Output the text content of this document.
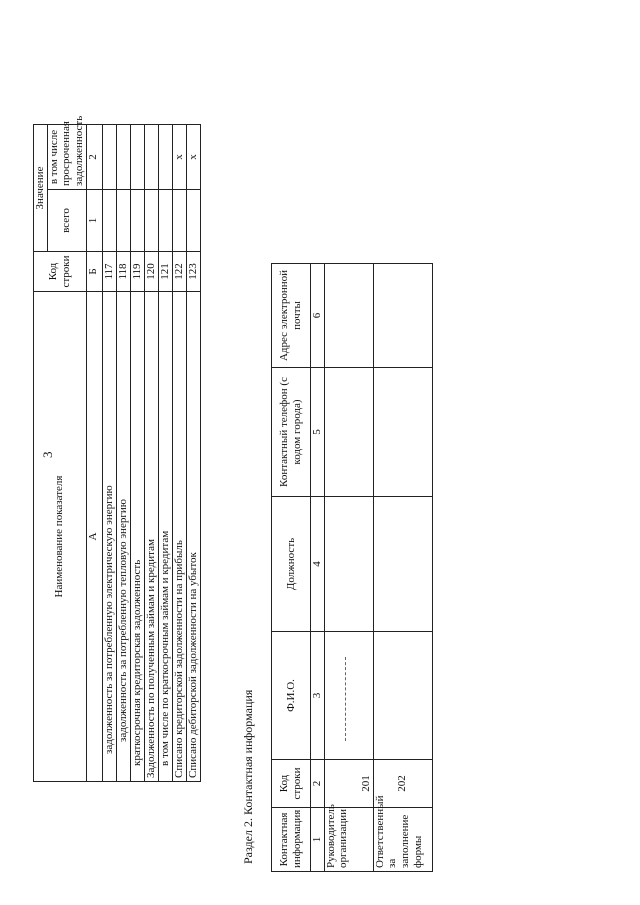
3
Наименование показателя	Код строки	Значение	
		всего	в том числе просроченная задолженность
А	Б	1	2
задолженность за потребленную электрическую энергию	117		
задолженность за потребленную тепловую энергию	118		
краткосрочная кредиторская задолженность	119		
Задолженность по полученным займам и кредитам	120		
в том числе по краткосрочным займам и кредитам	121		
Списано кредиторской задолженности на прибыль	122		x
Списано дебиторской задолженности на убыток	123		x
Раздел 2. Контактная информация Контактная информация	Код строки	Ф.И.О.	Должность	Контактный телефон (с кодом города)	Адрес электронной почты
1	2	3	4	5	6
Руководитель организации	201	

Ответственный за заполнение формы	202				
